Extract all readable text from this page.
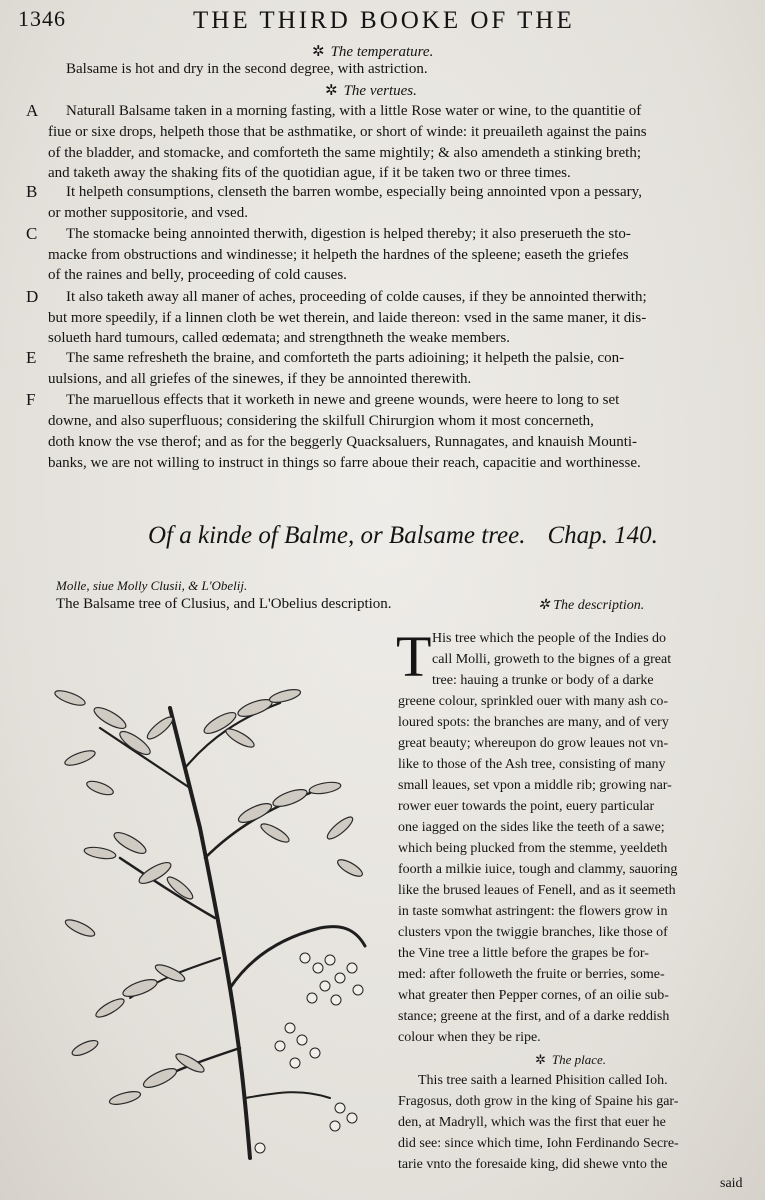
1346	THE THIRD BOOKE OF THE
✲ The temperature.
Balsame is hot and dry in the second degree, with astriction.
✲ The vertues.
A Naturall Balsame taken in a morning fasting, with a little Rose water or wine, to the quantitie of
fiue or sixe drops, helpeth those that be asthmatike, or short of winde: it preuaileth against the pains
of the bladder, and stomacke, and comforteth the same mightily; & also amendeth a stinking breth;
and taketh away the shaking fits of the quotidian ague, if it be taken two or three times.
B It helpeth consumptions, clenseth the barren wombe, especially being annointed vpon a pessary,
or mother suppositorie, and vsed.
C The stomacke being annointed therwith, digestion is helped thereby; it also preserueth the sto-
macke from obstructions and windinesse; it helpeth the hardnes of the spleene; easeth the griefes
of the raines and belly, proceeding of cold causes.
D It also taketh away all maner of aches, proceeding of colde causes, if they be annointed therwith;
but more speedily, if a linnen cloth be wet therein, and laide thereon: vsed in the same maner, it dis-
solueth hard tumours, called œdemata; and strengthneth the weake members.
E The same refresheth the braine, and comforteth the parts adioining; it helpeth the palsie, con-
uulsions, and all griefes of the sinewes, if they be annointed therewith.
F The maruellous effects that it worketh in newe and greene wounds, were heere to long to set
downe, and also superfluous; considering the skilfull Chirurgion whom it most concerneth,
doth know the vse therof; and as for the beggerly Quacksaluers, Runnagates, and knauish Mounti-
banks, we are not willing to instruct in things so farre aboue their reach, capacitie and worthinesse.
Of a kinde of Balme, or Balsame tree. Chap. 140.
Molle, siue Molly Clusii, & L'Obelij.
The Balsame tree of Clusius, and L'Obelius description.	✲ The description.
T His tree which the people of the Indies do
call Molli, groweth to the bignes of a great
tree: hauing a trunke or body of a darke
greene colour, sprinkled ouer with many ash co-
loured spots: the branches are many, and of very
great beauty; whereupon do grow leaues not vn-
like to those of the Ash tree, consisting of many
small leaues, set vpon a middle rib; growing nar-
rower euer towards the point, euery particular
one iagged on the sides like the teeth of a sawe;
which being plucked from the stemme, yeeldeth
foorth a milkie iuice, tough and clammy, sauoring
like the brused leaues of Fenell, and as it seemeth
in taste somwhat astringent: the flowers grow in
clusters vpon the twiggie branches, like those of
the Vine tree a little before the grapes be for-
med: after followeth the fruite or berries, some-
what greater then Pepper cornes, of an oilie sub-
stance; greene at the first, and of a darke reddish
colour when they be ripe.
✲ The place.
This tree saith a learned Phisition called Ioh.
Fragosus, doth grow in the king of Spaine his gar-
den, at Madryll, which was the first that euer he
did see: since which time, Iohn Ferdinando Secre-
tarie vnto the foresaide king, did shewe vnto the
said
